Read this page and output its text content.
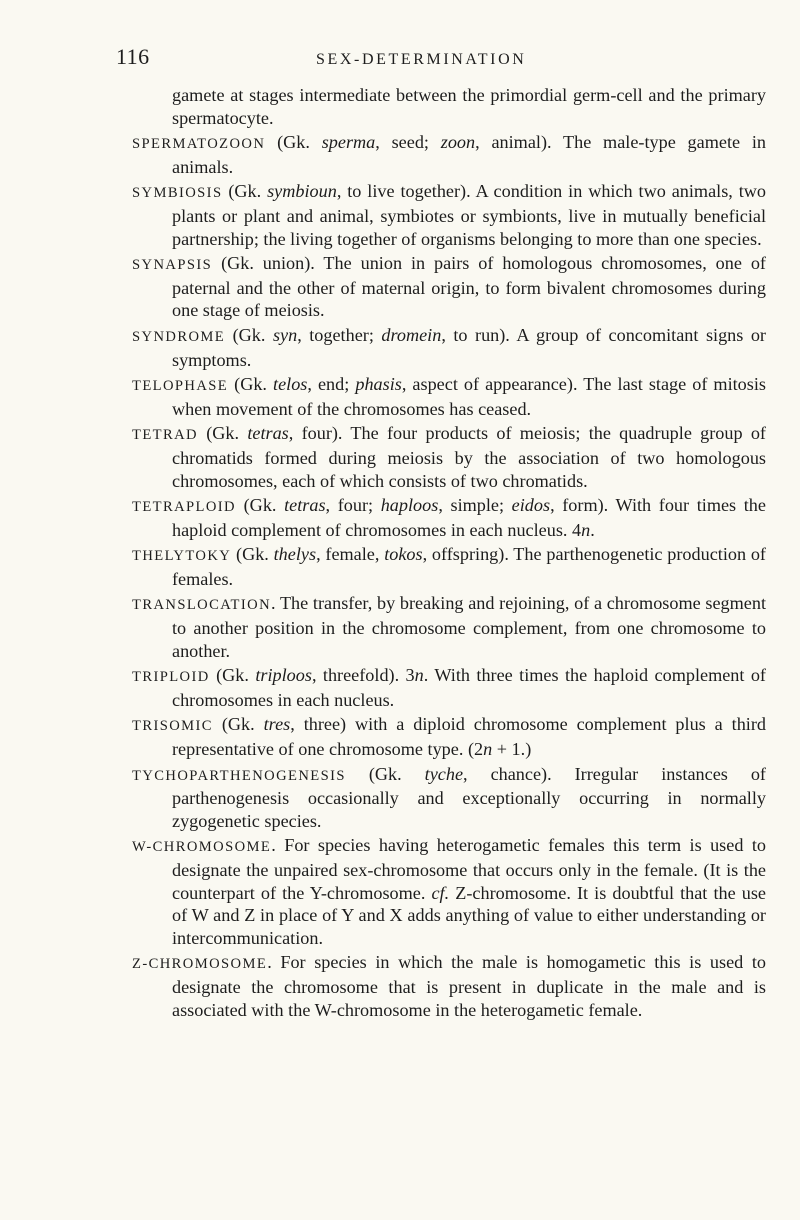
116	SEX-DETERMINATION

gamete at stages intermediate between the primordial germ-cell and the primary spermatocyte.

SPERMATOZOON (Gk. sperma, seed; zoon, animal). The male-type gamete in animals.

SYMBIOSIS (Gk. symbioun, to live together). A condition in which two animals, two plants or plant and animal, symbiotes or symbionts, live in mutually beneficial partnership; the living together of organisms belonging to more than one species.

SYNAPSIS (Gk. union). The union in pairs of homologous chromosomes, one of paternal and the other of maternal origin, to form bivalent chromosomes during one stage of meiosis.

SYNDROME (Gk. syn, together; dromein, to run). A group of concomitant signs or symptoms.

TELOPHASE (Gk. telos, end; phasis, aspect of appearance). The last stage of mitosis when movement of the chromosomes has ceased.

TETRAD (Gk. tetras, four). The four products of meiosis; the quadruple group of chromatids formed during meiosis by the association of two homologous chromosomes, each of which consists of two chromatids.

TETRAPLOID (Gk. tetras, four; haploos, simple; eidos, form). With four times the haploid complement of chromosomes in each nucleus. 4n.

THELYTOKY (Gk. thelys, female, tokos, offspring). The parthenogenetic production of females.

TRANSLOCATION. The transfer, by breaking and rejoining, of a chromosome segment to another position in the chromosome complement, from one chromosome to another.

TRIPLOID (Gk. triploos, threefold). 3n. With three times the haploid complement of chromosomes in each nucleus.

TRISOMIC (Gk. tres, three) with a diploid chromosome complement plus a third representative of one chromosome type. (2n + 1.)

TYCHOPARTHENOGENESIS (Gk. tyche, chance). Irregular instances of parthenogenesis occasionally and exceptionally occurring in normally zygogenetic species.

W-CHROMOSOME. For species having heterogametic females this term is used to designate the unpaired sex-chromosome that occurs only in the female. (It is the counterpart of the Y-chromosome. cf. Z-chromosome. It is doubtful that the use of W and Z in place of Y and X adds anything of value to either understanding or intercommunication.

Z-CHROMOSOME. For species in which the male is homogametic this is used to designate the chromosome that is present in duplicate in the male and is associated with the W-chromosome in the heterogametic female.
